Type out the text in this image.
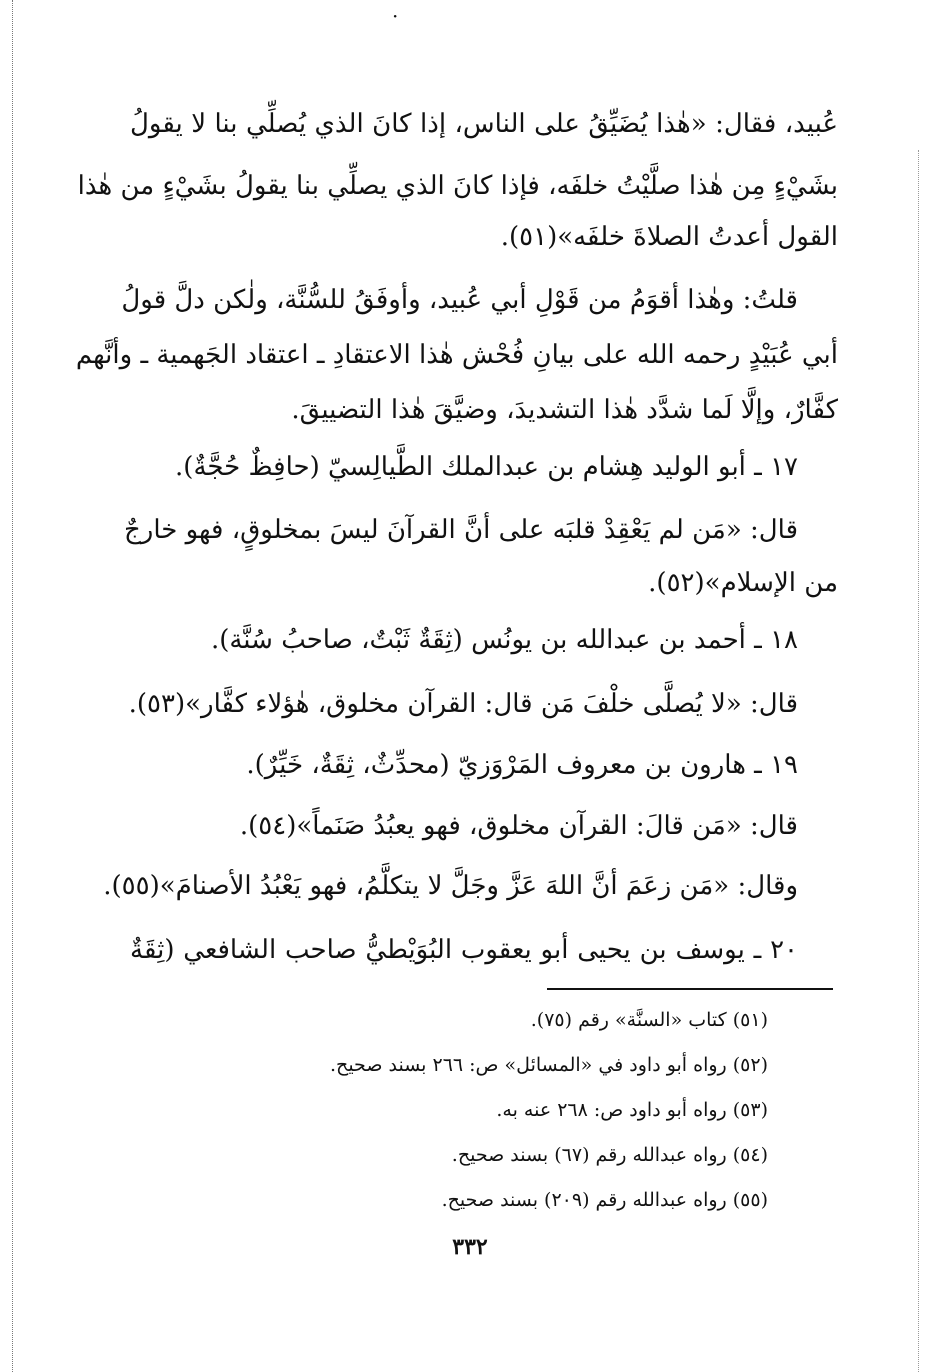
·
عُبيد، فقال: «هٰذا يُضَيِّقُ على الناس، إذا كانَ الذي يُصلِّي بنا لا يقولُ
بشَيْءٍ مِن هٰذا صلَّيْتُ خلفَه، فإذا كانَ الذي يصلِّي بنا يقولُ بشَيْءٍ من هٰذا
القول أعدتُ الصلاةَ خلفَه»(٥١).
قلتُ: وهٰذا أقوَمُ من قَوْلِ أبي عُبيد، وأوفَقُ للسُّنَّة، ولٰكن دلَّ قولُ
أبي عُبَيْدٍ رحمه الله على بيانِ فُحْش هٰذا الاعتقادِ ـ اعتقاد الجَهمية ـ وأنَّهم
كفَّارٌ، وإلَّا لَما شدَّد هٰذا التشديدَ، وضيَّقَ هٰذا التضييقَ.
١٧ ـ أبو الوليد هِشام بن عبدالملك الطَّيالِسيّ (حافِظٌ حُجَّةٌ).
قال: «مَن لم يَعْقِدْ قلبَه على أنَّ القرآنَ ليسَ بمخلوقٍ، فهو خارجٌ
من الإسلام»(٥٢).
١٨ ـ أحمد بن عبدالله بن يونُس (ثِقَةٌ ثَبْتٌ، صاحبُ سُنَّة).
قال: «لا يُصلَّى خلْفَ مَن قال: القرآن مخلوق، هٰؤلاء كفَّار»(٥٣).
١٩ ـ هارون بن معروف المَرْوَزيّ (محدِّثٌ، ثِقَةٌ، خَيِّرٌ).
قال: «مَن قالَ: القرآن مخلوق، فهو يعبُدُ صَنَماً»(٥٤).
وقال: «مَن زعَمَ أنَّ اللهَ عَزَّ وجَلَّ لا يتكلَّمُ، فهو يَعْبُدُ الأصنامَ»(٥٥).
٢٠ ـ يوسف بن يحيى أبو يعقوب البُوَيْطيُّ صاحب الشافعي (ثِقَةٌ
(٥١) كتاب «السنَّة» رقم (٧٥).
(٥٢) رواه أبو داود في «المسائل» ص: ٢٦٦ بسند صحيح.
(٥٣) رواه أبو داود ص: ٢٦٨ عنه به.
(٥٤) رواه عبدالله رقم (٦٧) بسند صحيح.
(٥٥) رواه عبدالله رقم (٢٠٩) بسند صحيح.
٣٣٢
